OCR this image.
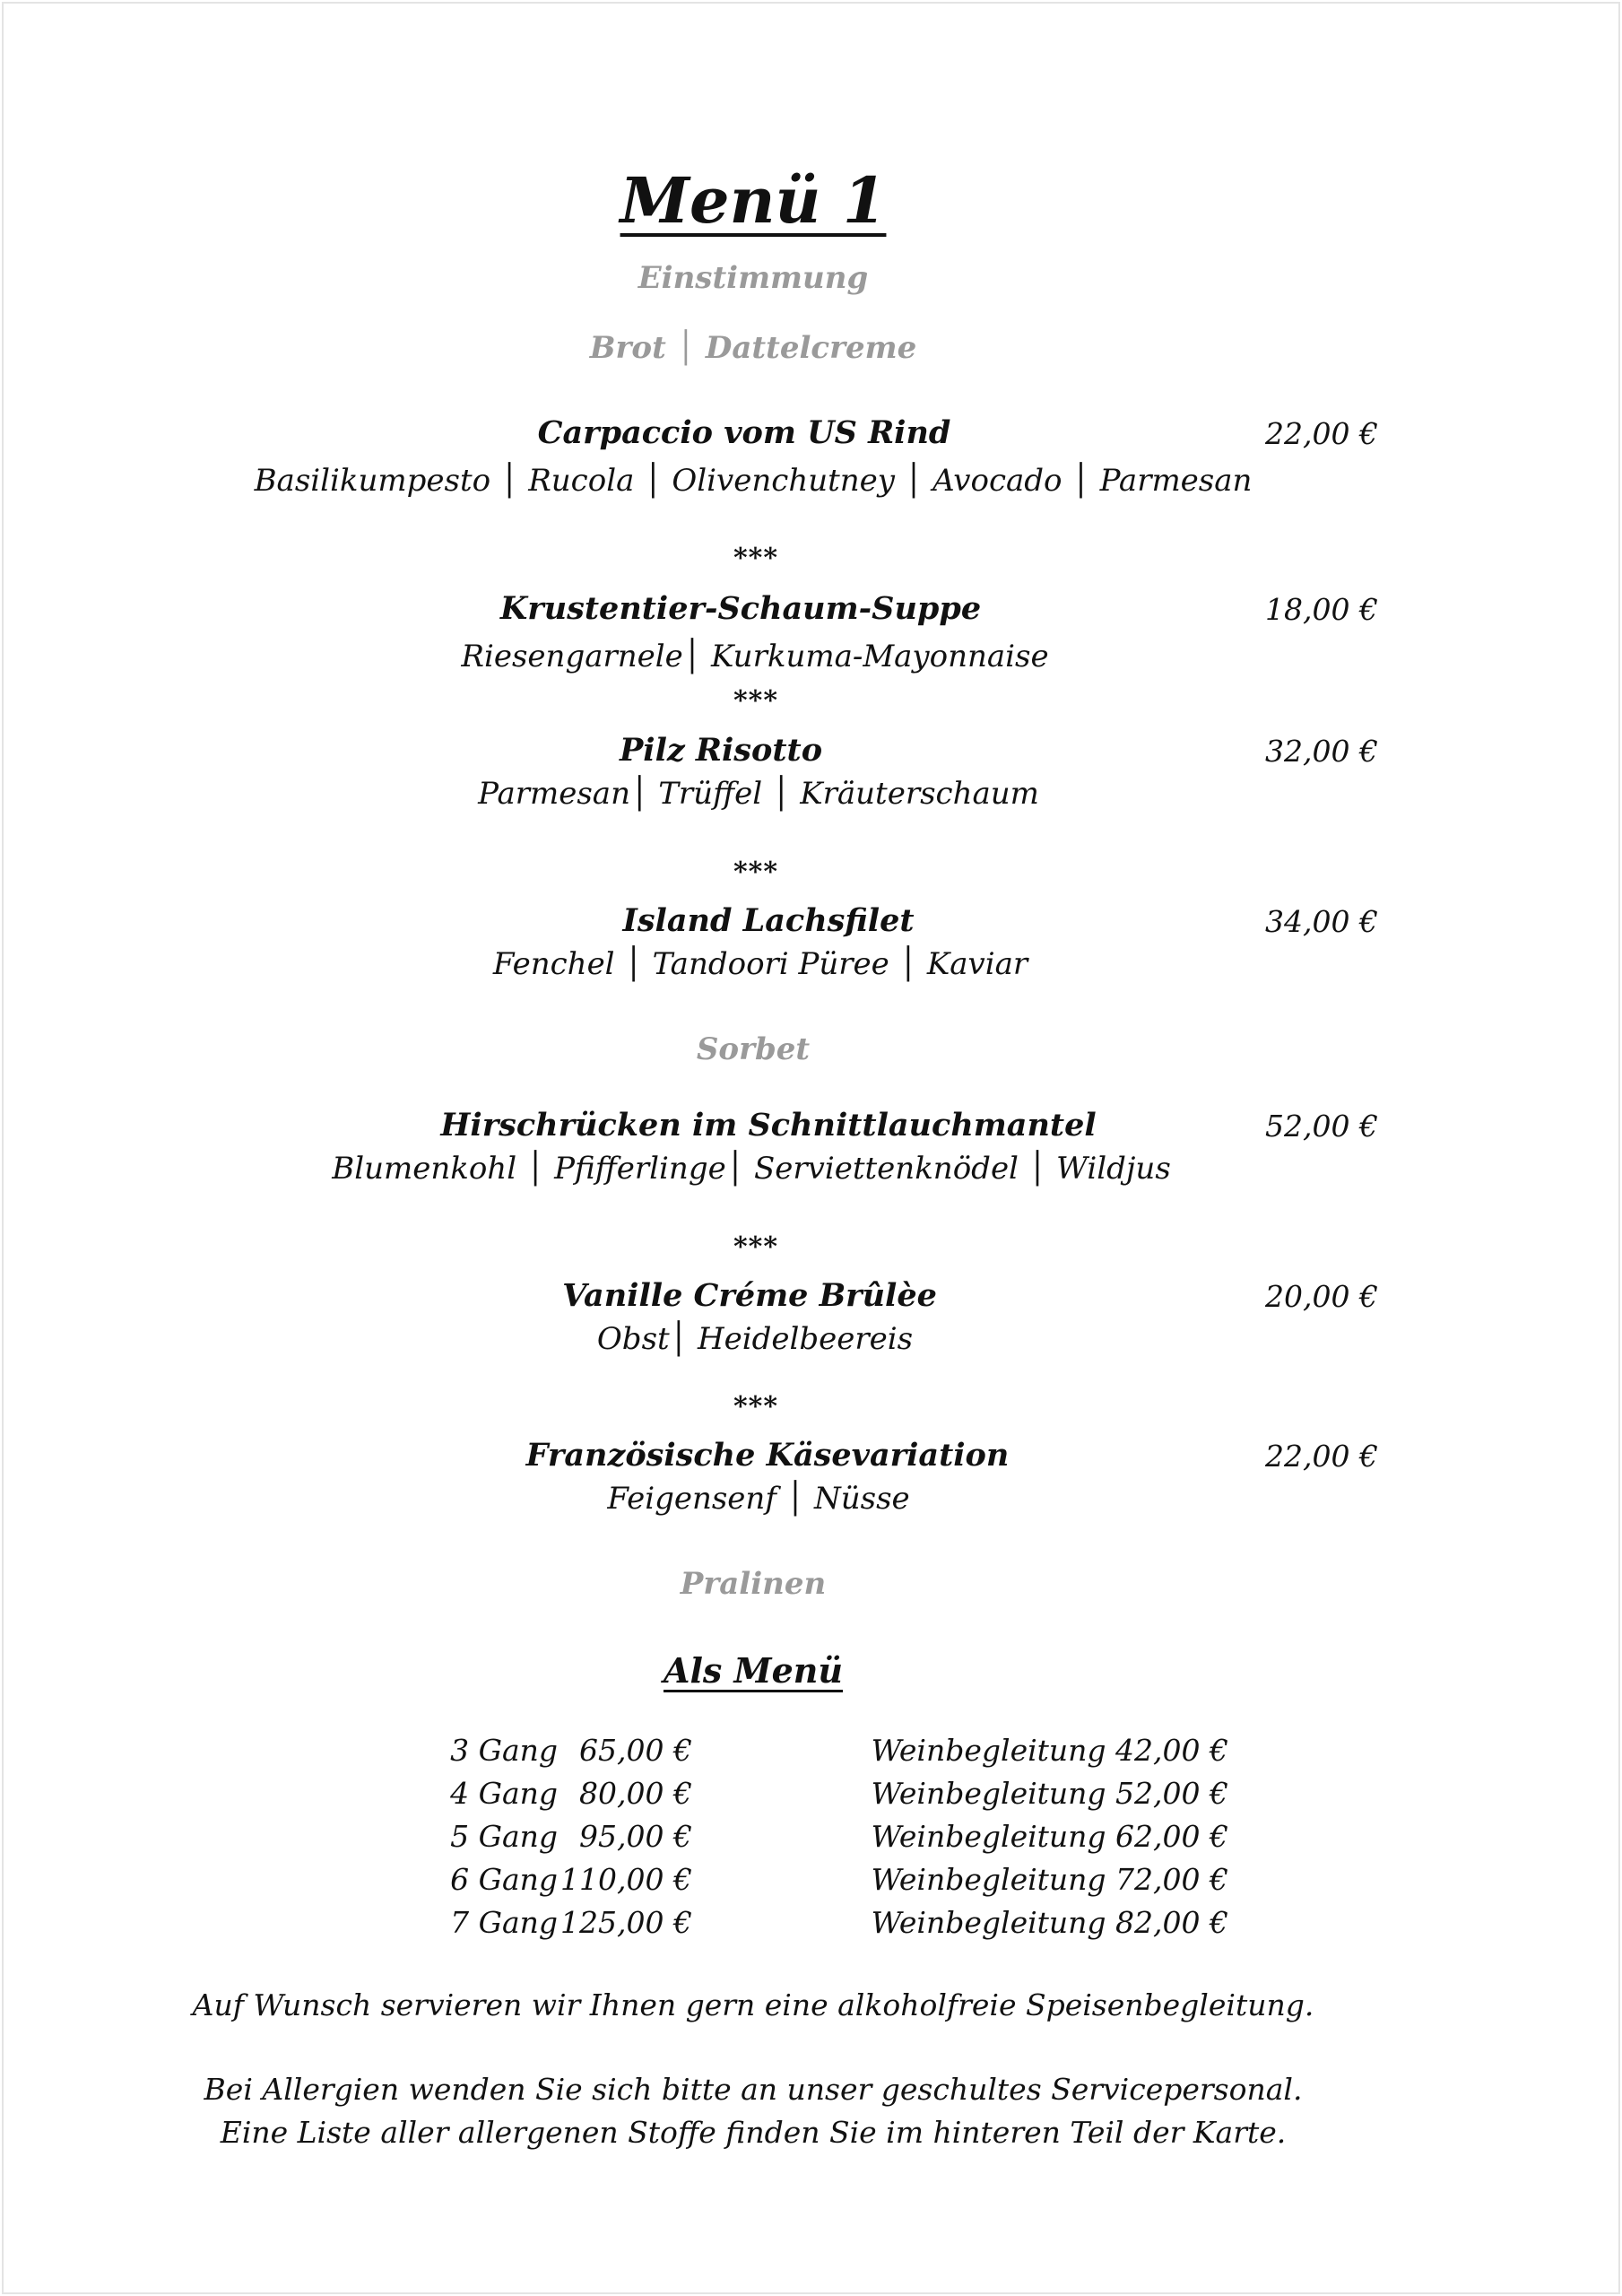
Menü 1
Einstimmung
Brot │ Dattelcreme
Carpaccio vom US Rind	22,00 €
Basilikumpesto │ Rucola │ Olivenchutney │ Avocado │ Parmesan
***
Krustentier-Schaum-Suppe	18,00 €
Riesengarnele│ Kurkuma-Mayonnaise
***
Pilz Risotto	32,00 €
Parmesan│ Trüffel │ Kräuterschaum
***
Island Lachsfilet	34,00 €
Fenchel │ Tandoori Püree │ Kaviar
Sorbet
Hirschrücken im Schnittlauchmantel	52,00 €
Blumenkohl │ Pfifferlinge│ Serviettenknödel │ Wildjus
***
Vanille Créme Brûlèe	20,00 €
Obst│ Heidelbeereis
***
Französische Käsevariation	22,00 €
Feigensenf │ Nüsse
Pralinen
Als Menü
3 Gang 65,00 €	Weinbegleitung 42,00 €
4 Gang 80,00 €	Weinbegleitung 52,00 €
5 Gang 95,00 €	Weinbegleitung 62,00 €
6 Gang 110,00 €	Weinbegleitung 72,00 €
7 Gang 125,00 €	Weinbegleitung 82,00 €
Auf Wunsch servieren wir Ihnen gern eine alkoholfreie Speisenbegleitung.
Bei Allergien wenden Sie sich bitte an unser geschultes Servicepersonal.
Eine Liste aller allergenen Stoffe finden Sie im hinteren Teil der Karte.
